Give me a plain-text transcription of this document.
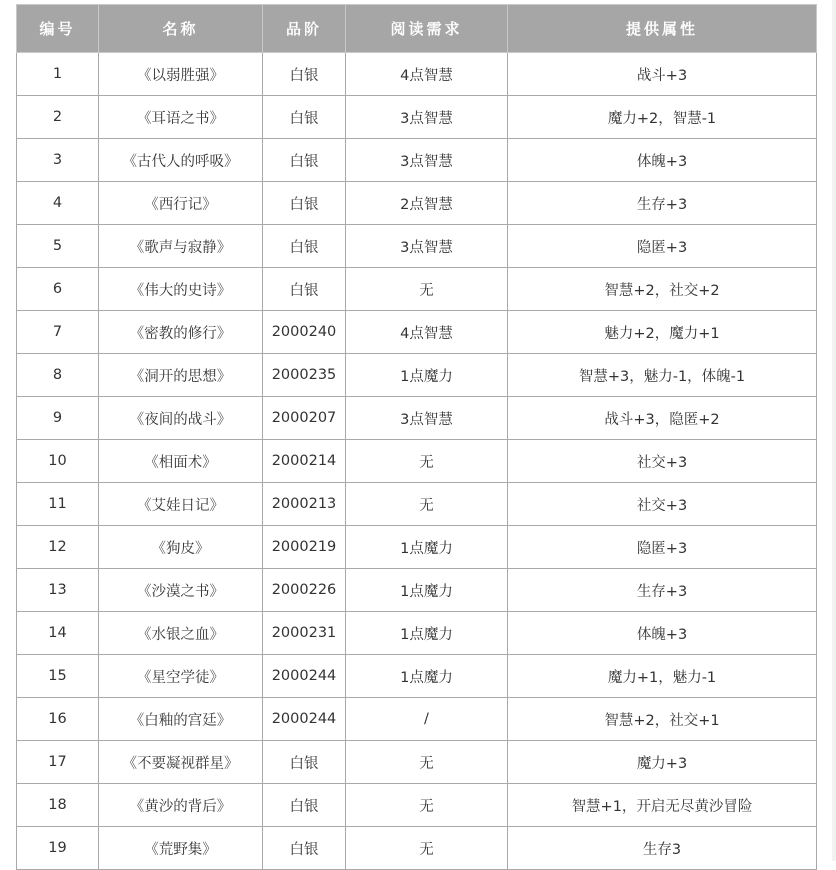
编号	名称	品阶	阅读需求	提供属性
1	《以弱胜强》	白银	4点智慧	战斗+3
2	《耳语之书》	白银	3点智慧	魔力+2，智慧-1
3	《古代人的呼吸》	白银	3点智慧	体魄+3
4	《西行记》	白银	2点智慧	生存+3
5	《歌声与寂静》	白银	3点智慧	隐匿+3
6	《伟大的史诗》	白银	无	智慧+2，社交+2
7	《密教的修行》	2000240	4点智慧	魅力+2，魔力+1
8	《洞开的思想》	2000235	1点魔力	智慧+3，魅力-1，体魄-1
9	《夜间的战斗》	2000207	3点智慧	战斗+3，隐匿+2
10	《相面术》	2000214	无	社交+3
11	《艾娃日记》	2000213	无	社交+3
12	《狗皮》	2000219	1点魔力	隐匿+3
13	《沙漠之书》	2000226	1点魔力	生存+3
14	《水银之血》	2000231	1点魔力	体魄+3
15	《星空学徒》	2000244	1点魔力	魔力+1，魅力-1
16	《白釉的宫廷》	2000244	/	智慧+2，社交+1
17	《不要凝视群星》	白银	无	魔力+3
18	《黄沙的背后》	白银	无	智慧+1，开启无尽黄沙冒险
19	《荒野集》	白银	无	生存3
